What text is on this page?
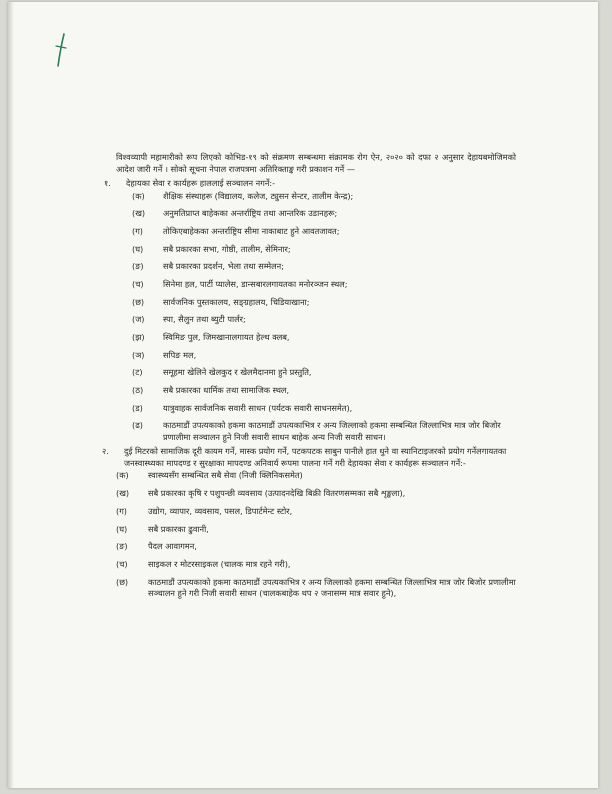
विश्वव्यापी महामारीको रूप लिएको कोभिड-१९ को संक्रमण सम्बन्धमा संक्रामक रोग ऐन, २०२० को दफा २ अनुसार देहायबमोजिमको आदेश जारी गर्ने । सोको सूचना नेपाल राजपत्रमा अतिरिक्ताङ्क गरी प्रकाशन गर्ने —

१.	देहायका सेवा र कार्यहरू हाललाई सञ्चालन नगर्ने:-
(क)	शैक्षिक संस्थाहरू (विद्यालय, कलेज, ट्युसन सेन्टर, तालीम केन्द्र);
(ख)	अनुमतिप्राप्त बाहेकका अन्तर्राष्ट्रिय तथा आन्तरिक उडानहरू;
(ग)	तोकिएबाहेकका अन्तर्राष्ट्रिय सीमा नाकाबाट हुने आवतजावत;
(घ)	सबै प्रकारका सभा, गोष्ठी, तालीम, सेमिनार;
(ङ)	सबै प्रकारका प्रदर्शन, भेला तथा सम्मेलन;
(च)	सिनेमा हल, पार्टी प्यालेस, डान्सबारलगायतका मनोरञ्जन स्थल;
(छ)	सार्वजनिक पुस्तकालय, सङ्ग्रहालय, चिडियाखाना;
(ज)	स्पा, सैलुन तथा ब्युटी पार्लर;
(झ)	स्विमिङ पुल, जिमखानालगायत हेल्थ क्लब,
(ञ)	सपिङ मल,
(ट)	समूहमा खेलिने खेलकुद र खेलमैदानमा हुने प्रस्तुति,
(ठ)	सबै प्रकारका धार्मिक तथा सामाजिक स्थल,
(ड)	यात्रुवाहक सार्वजनिक सवारी साधन (पर्यटक सवारी साधनसमेत),
(ढ)	काठमाडौं उपत्यकाको हकमा काठमाडौं उपत्यकाभित्र र अन्य जिल्लाको हकमा सम्बन्धित जिल्लाभित्र मात्र जोर बिजोर प्रणालीमा सञ्चालन हुने निजी सवारी साधन बाहेक अन्य निजी सवारी साधन।
२.	दुई मिटरको सामाजिक दूरी कायम गर्ने, मास्क प्रयोग गर्ने, पटकपटक साबुन पानीले हात धुने वा स्यानिटाइजरको प्रयोग गर्नेलगायतका जनस्वास्थ्यका मापदण्ड र सुरक्षाका मापदण्ड अनिवार्य रूपमा पालना गर्ने गरी देहायका सेवा र कार्यहरू सञ्चालन गर्ने:-
(क)	स्वास्थ्यसँग सम्बन्धित सबै सेवा (निजी क्लिनिकसमेत)
(ख)	सबै प्रकारका कृषि र पशुपन्छी व्यवसाय (उत्पादनदेखि बिक्री वितरणसम्मका सबै शृङ्खला),
(ग)	उद्योग, व्यापार, व्यवसाय, पसल, डिपार्टमेन्ट स्टोर,
(घ)	सबै प्रकारका ढुवानी,
(ङ)	पैदल आवागमन,
(च)	साइकल र मोटरसाइकल (चालक मात्र रहने गरी),
(छ)	काठमाडौं उपत्यकाको हकमा काठमाडौं उपत्यकाभित्र र अन्य जिल्लाको हकमा सम्बन्धित जिल्लाभित्र मात्र जोर बिजोर प्रणालीमा सञ्चालन हुने गरी निजी सवारी साधन (चालकबाहेक थप २ जनासम्म मात्र सवार हुने),
